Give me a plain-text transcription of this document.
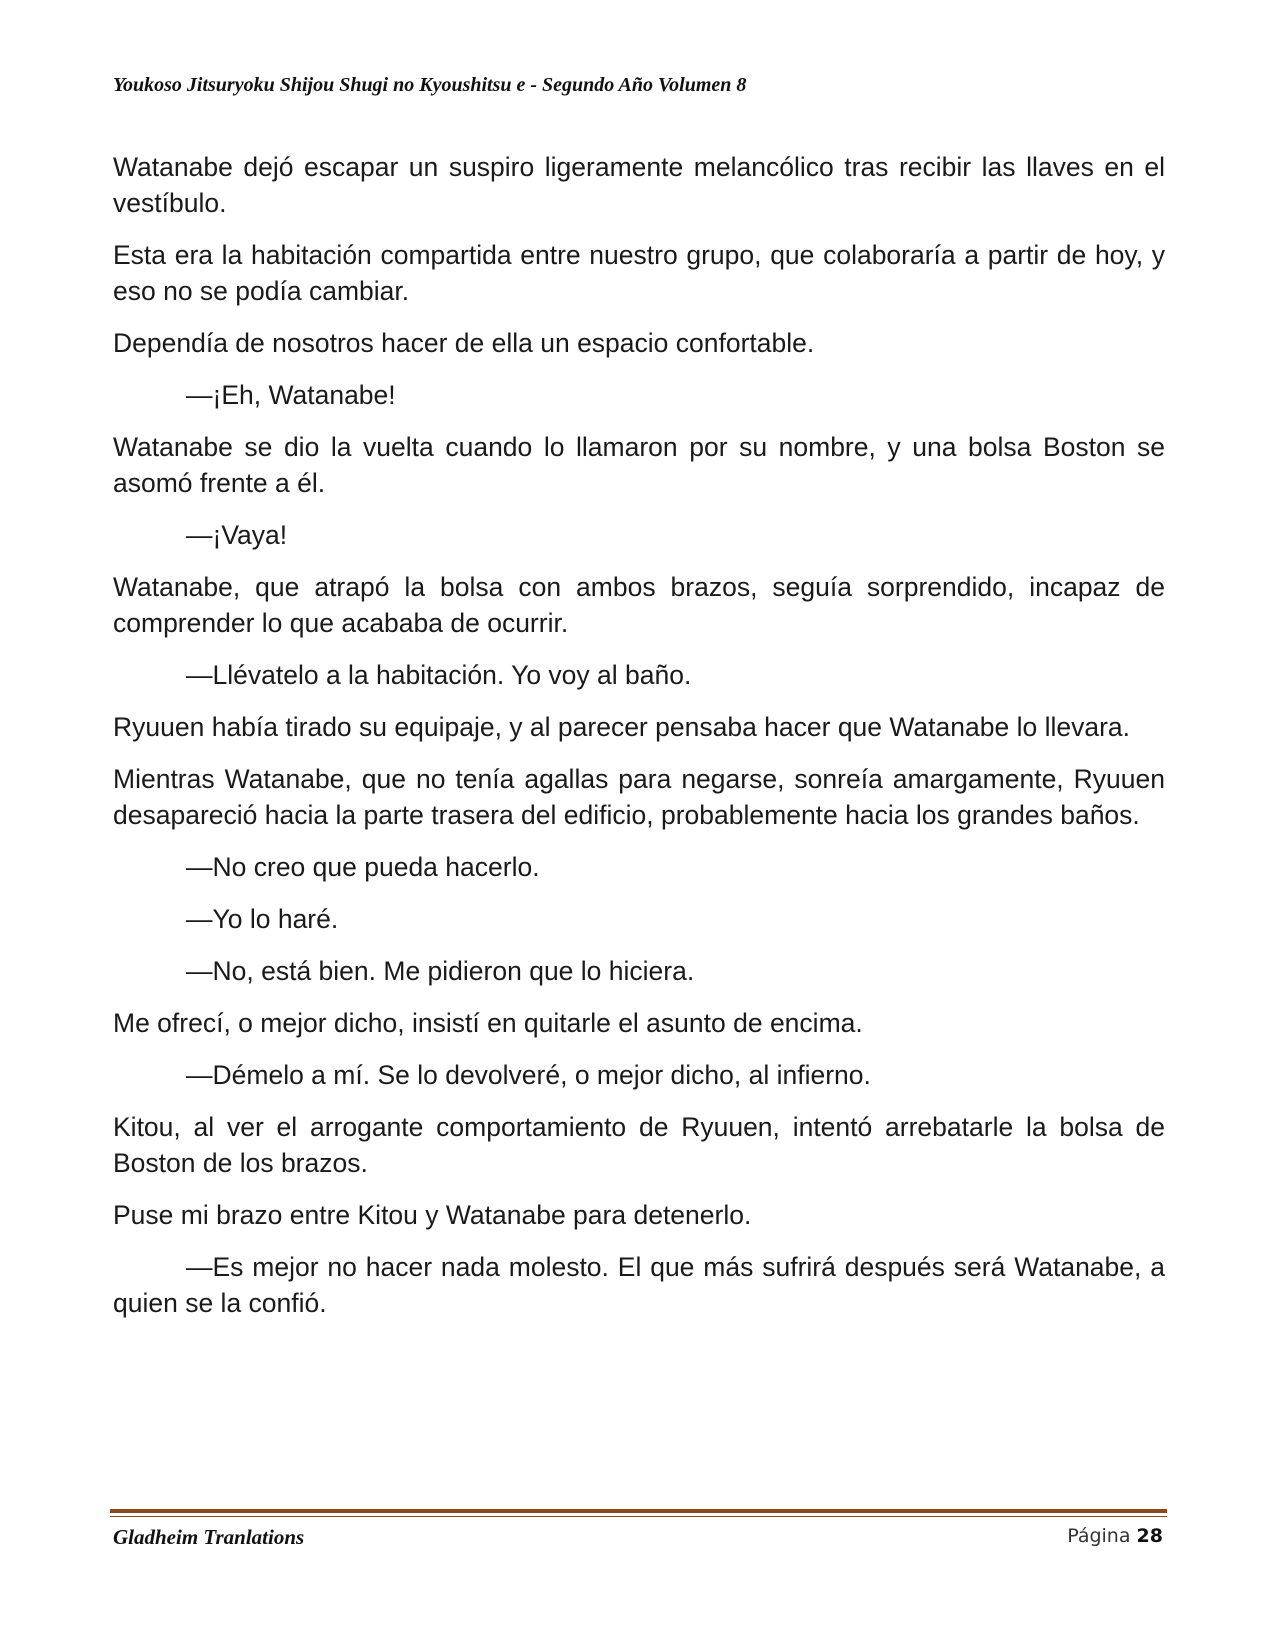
Youkoso Jitsuryoku Shijou Shugi no Kyoushitsu e - Segundo Año Volumen 8

Watanabe dejó escapar un suspiro ligeramente melancólico tras recibir las llaves en el vestíbulo.

Esta era la habitación compartida entre nuestro grupo, que colaboraría a partir de hoy, y eso no se podía cambiar.

Dependía de nosotros hacer de ella un espacio confortable.

—¡Eh, Watanabe!

Watanabe se dio la vuelta cuando lo llamaron por su nombre, y una bolsa Boston se asomó frente a él.

—¡Vaya!

Watanabe, que atrapó la bolsa con ambos brazos, seguía sorprendido, incapaz de comprender lo que acababa de ocurrir.

—Llévatelo a la habitación. Yo voy al baño.

Ryuuen había tirado su equipaje, y al parecer pensaba hacer que Watanabe lo llevara.

Mientras Watanabe, que no tenía agallas para negarse, sonreía amargamente, Ryuuen desapareció hacia la parte trasera del edificio, probablemente hacia los grandes baños.

—No creo que pueda hacerlo.

—Yo lo haré.

—No, está bien. Me pidieron que lo hiciera.

Me ofrecí, o mejor dicho, insistí en quitarle el asunto de encima.

—Démelo a mí. Se lo devolveré, o mejor dicho, al infierno.

Kitou, al ver el arrogante comportamiento de Ryuuen, intentó arrebatarle la bolsa de Boston de los brazos.

Puse mi brazo entre Kitou y Watanabe para detenerlo.

—Es mejor no hacer nada molesto. El que más sufrirá después será Watanabe, a quien se la confió.

Gladheim Tranlations	Página 28
